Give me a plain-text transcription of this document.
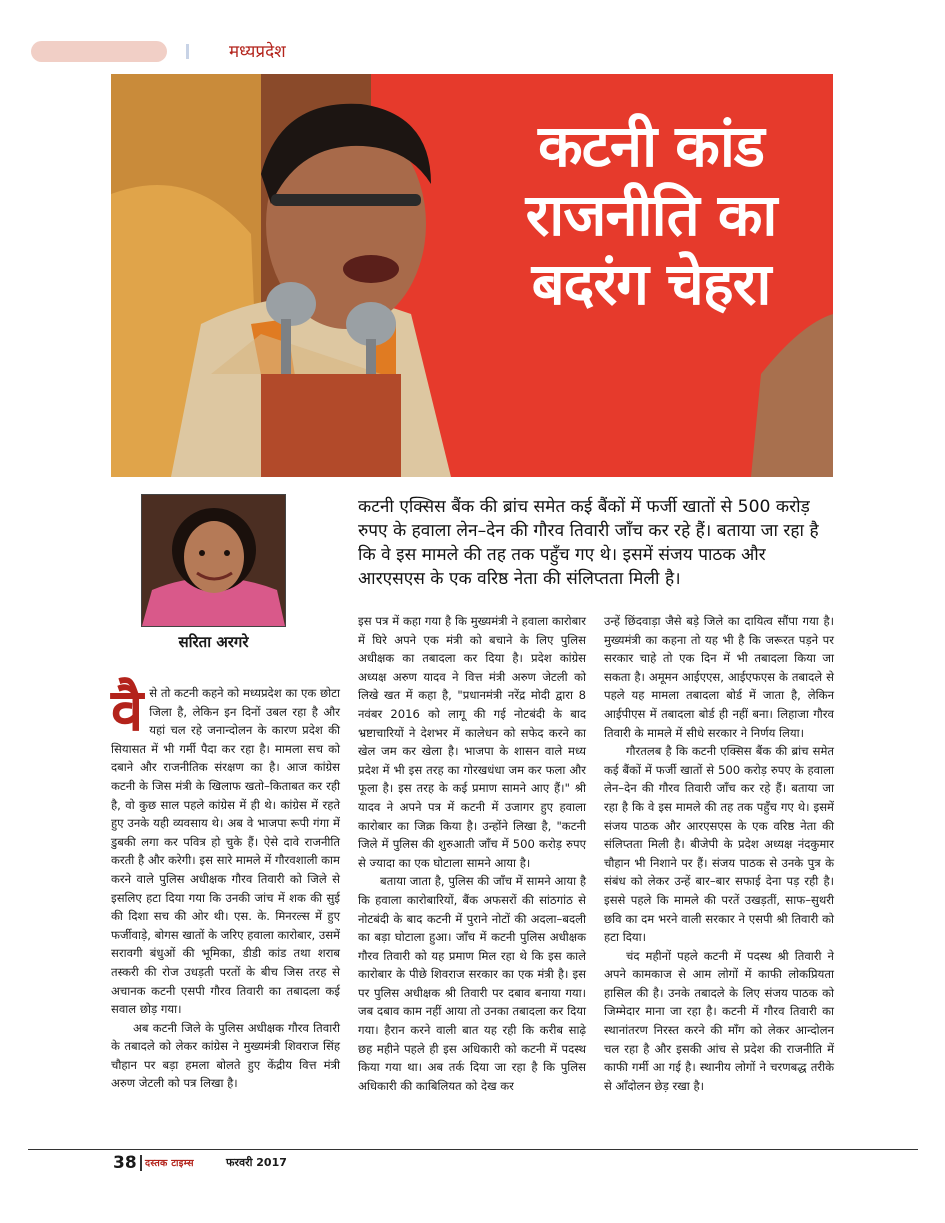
मध्यप्रदेश
कटनी कांड
राजनीति का
बदरंग चेहरा
सरिता अरगरे
कटनी एक्सिस बैंक की ब्रांच समेत कई बैंकों में फर्जी खातों से 500 करोड़ रुपए के हवाला लेन–देन की गौरव तिवारी जाँच कर रहे हैं। बताया जा रहा है कि वे इस मामले की तह तक पहुँच गए थे। इसमें संजय पाठक और आरएसएस के एक वरिष्ठ नेता की संलिप्तता मिली है।
वै से तो कटनी कहने को मध्यप्रदेश का एक छोटा जिला है, लेकिन इन दिनों उबल रहा है और यहां चल रहे जनान्दोलन के कारण प्रदेश की सियासत में भी गर्मी पैदा कर रहा है। मामला सच को दबाने और राजनीतिक संरक्षण का है। आज कांग्रेस कटनी के जिस मंत्री के खिलाफ खतो–किताबत कर रही है, वो कुछ साल पहले कांग्रेस में ही थे। कांग्रेस में रहते हुए उनके यही व्यवसाय थे। अब वे भाजपा रूपी गंगा में डुबकी लगा कर पवित्र हो चुके हैं। ऐसे दावे राजनीति करती है और करेगी। इस सारे मामले में गौरवशाली काम करने वाले पुलिस अधीक्षक गौरव तिवारी को जिले से इसलिए हटा दिया गया कि उनकी जांच में शक की सुई की दिशा सच की ओर थी। एस. के. मिनरल्स में हुए फर्जीवाड़े, बोगस खातों के जरिए हवाला कारोबार, उसमें सरावगी बंधुओं की भूमिका, डीडी कांड तथा शराब तस्करी की रोज उधड़ती परतों के बीच जिस तरह से अचानक कटनी एसपी गौरव तिवारी का तबादला कई सवाल छोड़ गया।

अब कटनी जिले के पुलिस अधीक्षक गौरव तिवारी के तबादले को लेकर कांग्रेस ने मुख्यमंत्री शिवराज सिंह चौहान पर बड़ा हमला बोलते हुए केंद्रीय वित्त मंत्री अरुण जेटली को पत्र लिखा है।

इस पत्र में कहा गया है कि मुख्यमंत्री ने हवाला कारोबार में घिरे अपने एक मंत्री को बचाने के लिए पुलिस अधीक्षक का तबादला कर दिया है। प्रदेश कांग्रेस अध्यक्ष अरुण यादव ने वित्त मंत्री अरुण जेटली को लिखे खत में कहा है, "प्रधानमंत्री नरेंद्र मोदी द्वारा 8 नवंबर 2016 को लागू की गई नोटबंदी के बाद भ्रष्टाचारियों ने देशभर में कालेधन को सफेद करने का खेल जम कर खेला है। भाजपा के शासन वाले मध्य प्रदेश में भी इस तरह का गोरखधंधा जम कर फला और फूला है। इस तरह के कई प्रमाण सामने आए हैं।" श्री यादव ने अपने पत्र में कटनी में उजागर हुए हवाला कारोबार का जिक्र किया है। उन्होंने लिखा है, "कटनी जिले में पुलिस की शुरुआती जाँच में 500 करोड़ रुपए से ज्यादा का एक घोटाला सामने आया है।

बताया जाता है, पुलिस की जाँच में सामने आया है कि हवाला कारोबारियों, बैंक अफसरों की सांठगांठ से नोटबंदी के बाद कटनी में पुराने नोटों की अदला–बदली का बड़ा घोटाला हुआ। जाँच में कटनी पुलिस अधीक्षक गौरव तिवारी को यह प्रमाण मिल रहा थे कि इस काले कारोबार के पीछे शिवराज सरकार का एक मंत्री है। इस पर पुलिस अधीक्षक श्री तिवारी पर दबाव बनाया गया। जब दबाव काम नहीं आया तो उनका तबादला कर दिया गया। हैरान करने वाली बात यह रही कि करीब साढ़े छह महीने पहले ही इस अधिकारी को कटनी में पदस्थ किया गया था। अब तर्क दिया जा रहा है कि पुलिस अधिकारी की काबिलियत को देख कर

उन्हें छिंदवाड़ा जैसे बड़े जिले का दायित्व सौंपा गया है। मुख्यमंत्री का कहना तो यह भी है कि जरूरत पड़ने पर सरकार चाहे तो एक दिन में भी तबादला किया जा सकता है। अमूमन आईएएस, आईएफएस के तबादले से पहले यह मामला तबादला बोर्ड में जाता है, लेकिन आईपीएस में तबादला बोर्ड ही नहीं बना। लिहाजा गौरव तिवारी के मामले में सीधे सरकार ने निर्णय लिया।

गौरतलब है कि कटनी एक्सिस बैंक की ब्रांच समेत कई बैंकों में फर्जी खातों से 500 करोड़ रुपए के हवाला लेन–देन की गौरव तिवारी जाँच कर रहे हैं। बताया जा रहा है कि वे इस मामले की तह तक पहुँच गए थे। इसमें संजय पाठक और आरएसएस के एक वरिष्ठ नेता की संलिप्तता मिली है। बीजेपी के प्रदेश अध्यक्ष नंदकुमार चौहान भी निशाने पर हैं। संजय पाठक से उनके पुत्र के संबंध को लेकर उन्हें बार–बार सफाई देना पड़ रही है। इससे पहले कि मामले की परतें उखड़तीं, साफ–सुथरी छवि का दम भरने वाली सरकार ने एसपी श्री तिवारी को हटा दिया।

चंद महीनों पहले कटनी में पदस्थ श्री तिवारी ने अपने कामकाज से आम लोगों में काफी लोकप्रियता हासिल की है। उनके तबादले के लिए संजय पाठक को जिम्मेदार माना जा रहा है। कटनी में गौरव तिवारी का स्थानांतरण निरस्त करने की माँग को लेकर आन्दोलन चल रहा है और इसकी आंच से प्रदेश की राजनीति में काफी गर्मी आ गई है। स्थानीय लोगों ने चरणबद्ध तरीके से आँदोलन छेड़ रखा है।

38 दस्तक टाइम्स	फरवरी 2017
